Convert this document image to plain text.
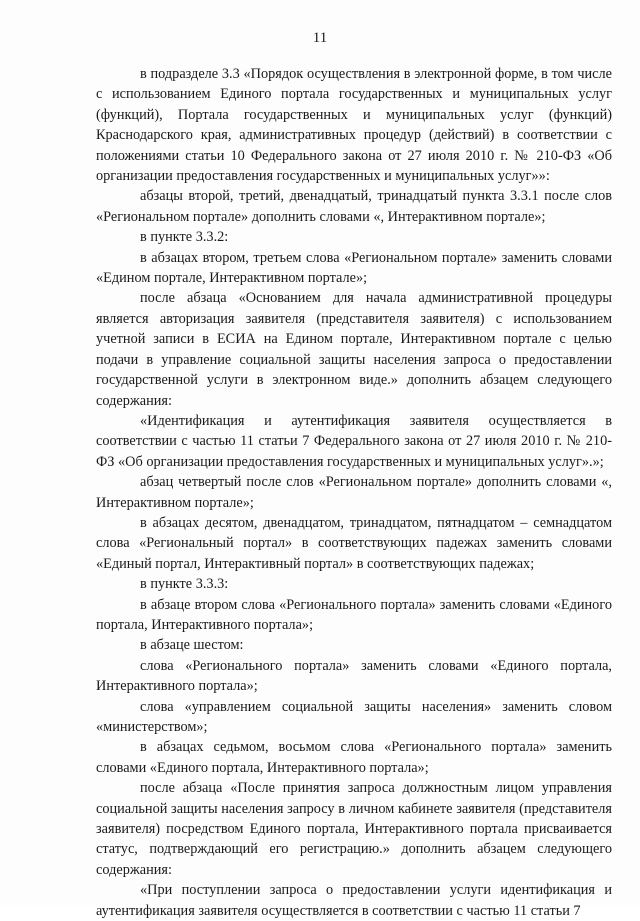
11

в подразделе 3.3 «Порядок осуществления в электронной форме, в том числе с использованием Единого портала государственных и муниципальных услуг (функций), Портала государственных и муниципальных услуг (функций) Краснодарского края, административных процедур (действий) в соответствии с положениями статьи 10 Федерального закона от 27 июля 2010 г. № 210-ФЗ «Об организации предоставления государственных и муниципальных услуг»»:

абзацы второй, третий, двенадцатый, тринадцатый пункта 3.3.1 после слов «Региональном портале» дополнить словами «, Интерактивном портале»;

в пункте 3.3.2:

в абзацах втором, третьем слова «Региональном портале» заменить словами «Едином портале, Интерактивном портале»;

после абзаца «Основанием для начала административной процедуры является авторизация заявителя (представителя заявителя) с использованием учетной записи в ЕСИА на Едином портале, Интерактивном портале с целью подачи в управление социальной защиты населения запроса о предоставлении государственной услуги в электронном виде.» дополнить абзацем следующего содержания:

«Идентификация и аутентификация заявителя осуществляется в соответствии с частью 11 статьи 7 Федерального закона от 27 июля 2010 г. № 210-ФЗ «Об организации предоставления государственных и муниципальных услуг».»;

абзац четвертый после слов «Региональном портале» дополнить словами «, Интерактивном портале»;

в абзацах десятом, двенадцатом, тринадцатом, пятнадцатом – семнадцатом слова «Региональный портал» в соответствующих падежах заменить словами «Единый портал, Интерактивный портал» в соответствующих падежах;

в пункте 3.3.3:

в абзаце втором слова «Регионального портала» заменить словами «Единого портала, Интерактивного портала»;

в абзаце шестом:

слова «Регионального портала» заменить словами «Единого портала, Интерактивного портала»;

слова «управлением социальной защиты населения» заменить словом «министерством»;

в абзацах седьмом, восьмом слова «Регионального портала» заменить словами «Единого портала, Интерактивного портала»;

после абзаца «После принятия запроса должностным лицом управления социальной защиты населения запросу в личном кабинете заявителя (представителя заявителя) посредством Единого портала, Интерактивного портала присваивается статус, подтверждающий его регистрацию.» дополнить абзацем следующего содержания:

«При поступлении запроса о предоставлении услуги идентификация и аутентификация заявителя осуществляется в соответствии с частью 11 статьи 7
